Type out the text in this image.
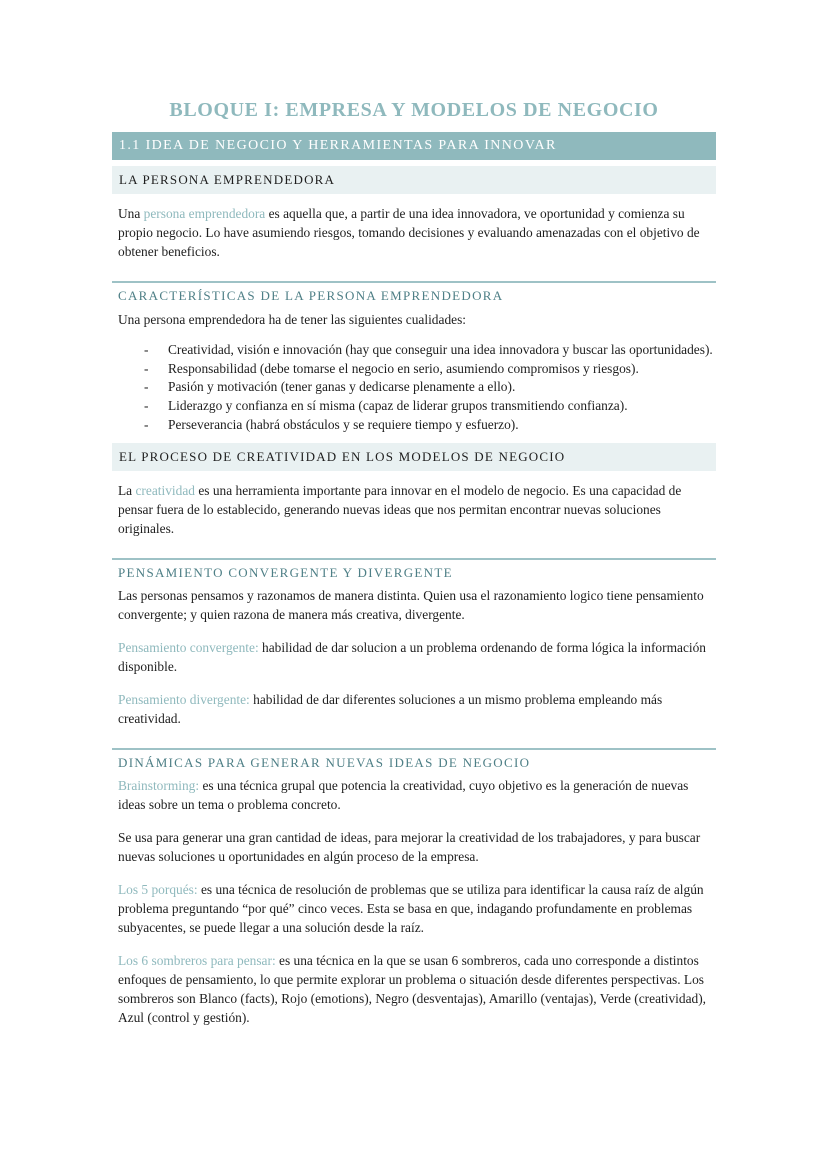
BLOQUE I: EMPRESA Y MODELOS DE NEGOCIO
1.1 IDEA DE NEGOCIO Y HERRAMIENTAS PARA INNOVAR
LA PERSONA EMPRENDEDORA

Una persona emprendedora es aquella que, a partir de una idea innovadora, ve oportunidad y comienza su propio negocio. Lo have asumiendo riesgos, tomando decisiones y evaluando amenazadas con el objetivo de obtener beneficios.

CARACTERÍSTICAS DE LA PERSONA EMPRENDEDORA

Una persona emprendedora ha de tener las siguientes cualidades:

- Creatividad, visión e innovación (hay que conseguir una idea innovadora y buscar las oportunidades).
- Responsabilidad (debe tomarse el negocio en serio, asumiendo compromisos y riesgos).
- Pasión y motivación (tener ganas y dedicarse plenamente a ello).
- Liderazgo y confianza en sí misma (capaz de liderar grupos transmitiendo confianza).
- Perseverancia (habrá obstáculos y se requiere tiempo y esfuerzo).
EL PROCESO DE CREATIVIDAD EN LOS MODELOS DE NEGOCIO

La creatividad es una herramienta importante para innovar en el modelo de negocio. Es una capacidad de pensar fuera de lo establecido, generando nuevas ideas que nos permitan encontrar nuevas soluciones originales.

PENSAMIENTO CONVERGENTE Y DIVERGENTE

Las personas pensamos y razonamos de manera distinta. Quien usa el razonamiento logico tiene pensamiento convergente; y quien razona de manera más creativa, divergente.

Pensamiento convergente: habilidad de dar solucion a un problema ordenando de forma lógica la información disponible.

Pensamiento divergente: habilidad de dar diferentes soluciones a un mismo problema empleando más creatividad.

DINÁMICAS PARA GENERAR NUEVAS IDEAS DE NEGOCIO

Brainstorming: es una técnica grupal que potencia la creatividad, cuyo objetivo es la generación de nuevas ideas sobre un tema o problema concreto.

Se usa para generar una gran cantidad de ideas, para mejorar la creatividad de los trabajadores, y para buscar nuevas soluciones u oportunidades en algún proceso de la empresa.

Los 5 porqués: es una técnica de resolución de problemas que se utiliza para identificar la causa raíz de algún problema preguntando “por qué” cinco veces. Esta se basa en que, indagando profundamente en problemas subyacentes, se puede llegar a una solución desde la raíz.

Los 6 sombreros para pensar: es una técnica en la que se usan 6 sombreros, cada uno corresponde a distintos enfoques de pensamiento, lo que permite explorar un problema o situación desde diferentes perspectivas. Los sombreros son Blanco (facts), Rojo (emotions), Negro (desventajas), Amarillo (ventajas), Verde (creatividad), Azul (control y gestión).
